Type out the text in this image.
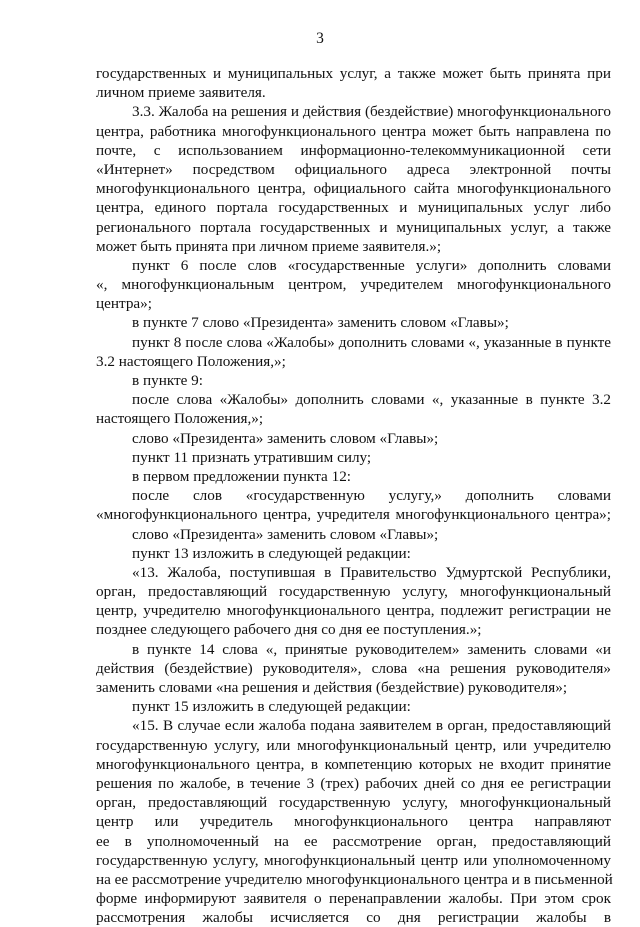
3
государственных и муниципальных услуг, а также может быть принята при
личном приеме заявителя.
3.3. Жалоба на решения и действия (бездействие) многофункционального
центра, работника многофункционального центра может быть направлена по
почте, с использованием информационно-телекоммуникационной сети
«Интернет» посредством официального адреса электронной почты
многофункционального центра, официального сайта многофункционального
центра, единого портала государственных и муниципальных услуг либо
регионального портала государственных и муниципальных услуг, а также
может быть принята при личном приеме заявителя.»;
пункт 6 после слов «государственные услуги» дополнить словами
«, многофункциональным центром, учредителем многофункционального
центра»;
в пункте 7 слово «Президента» заменить словом «Главы»;
пункт 8 после слова «Жалобы» дополнить словами «, указанные в пункте
3.2 настоящего Положения,»;
в пункте 9:
после слова «Жалобы» дополнить словами «, указанные в пункте 3.2
настоящего Положения,»;
слово «Президента» заменить словом «Главы»;
пункт 11 признать утратившим силу;
в первом предложении пункта 12:
после слов «государственную услугу,» дополнить словами
«многофункционального центра, учредителя многофункционального центра»;
слово «Президента» заменить словом «Главы»;
пункт 13 изложить в следующей редакции:
«13. Жалоба, поступившая в Правительство Удмуртской Республики,
орган, предоставляющий государственную услугу, многофункциональный
центр, учредителю многофункционального центра, подлежит регистрации не
позднее следующего рабочего дня со дня ее поступления.»;
в пункте 14 слова «, принятые руководителем» заменить словами «и
действия (бездействие) руководителя», слова «на решения руководителя»
заменить словами «на решения и действия (бездействие) руководителя»;
пункт 15 изложить в следующей редакции:
«15. В случае если жалоба подана заявителем в орган, предоставляющий
государственную услугу, или многофункциональный центр, или учредителю
многофункционального центра, в компетенцию которых не входит принятие
решения по жалобе, в течение 3 (трех) рабочих дней со дня ее регистрации
орган, предоставляющий государственную услугу, многофункциональный
центр или учредитель многофункционального центра направляют
ее в уполномоченный на ее рассмотрение орган, предоставляющий
государственную услугу, многофункциональный центр или уполномоченному
на ее рассмотрение учредителю многофункционального центра и в письменной
форме информируют заявителя о перенаправлении жалобы. При этом срок
рассмотрения жалобы исчисляется со дня регистрации жалобы в
